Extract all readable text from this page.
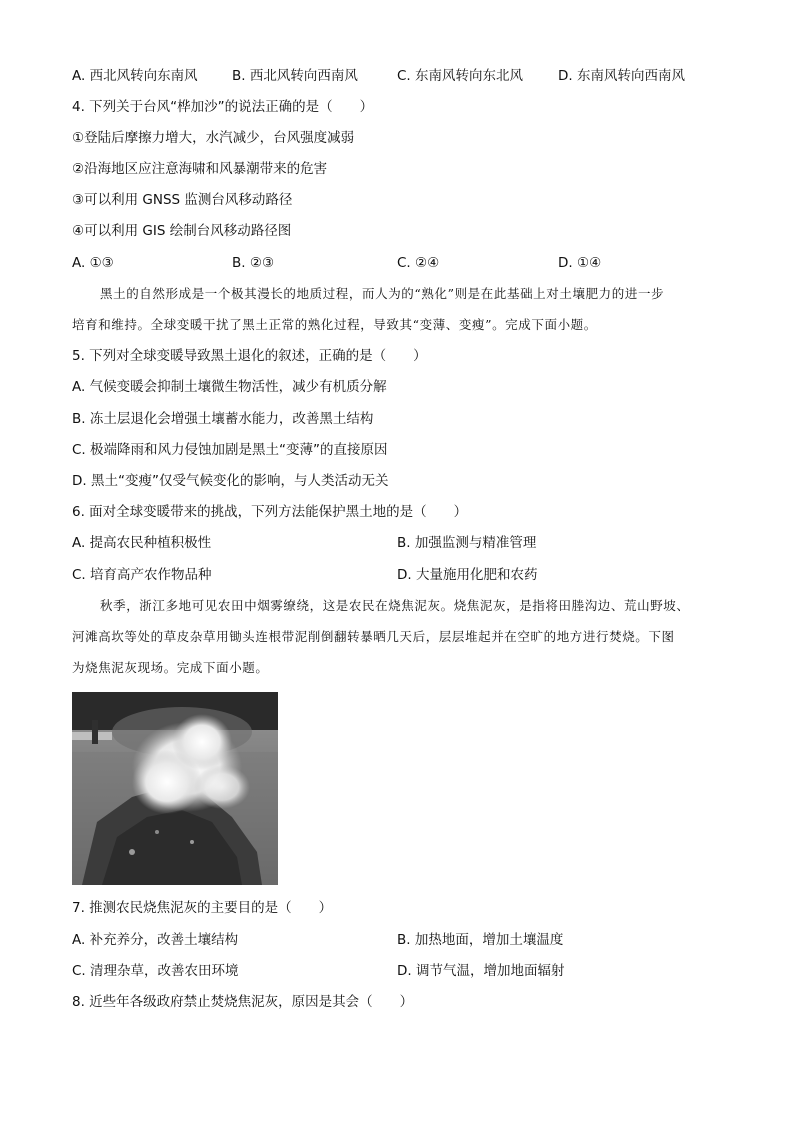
A. 西北风转向东南风	B. 西北风转向西南风	C. 东南风转向东北风	D. 东南风转向西南风
4. 下列关于台风“桦加沙”的说法正确的是（　　）
①登陆后摩擦力增大，水汽减少，台风强度减弱
②沿海地区应注意海啸和风暴潮带来的危害
③可以利用 GNSS 监测台风移动路径
④可以利用 GIS 绘制台风移动路径图
A. ①③	B. ②③	C. ②④	D. ①④
黑土的自然形成是一个极其漫长的地质过程，而人为的“熟化”则是在此基础上对土壤肥力的进一步
培育和维持。全球变暖干扰了黑土正常的熟化过程，导致其“变薄、变瘦”。完成下面小题。
5. 下列对全球变暖导致黑土退化的叙述，正确的是（　　）
A. 气候变暖会抑制土壤微生物活性，减少有机质分解
B. 冻土层退化会增强土壤蓄水能力，改善黑土结构
C. 极端降雨和风力侵蚀加剧是黑土“变薄”的直接原因
D. 黑土“变瘦”仅受气候变化的影响，与人类活动无关
6. 面对全球变暖带来的挑战，下列方法能保护黑土地的是（　　）
A. 提高农民种植积极性	B. 加强监测与精准管理
C. 培育高产农作物品种	D. 大量施用化肥和农药
秋季，浙江多地可见农田中烟雾缭绕，这是农民在烧焦泥灰。烧焦泥灰，是指将田塍沟边、荒山野坡、
河滩高坎等处的草皮杂草用锄头连根带泥削倒翻转暴晒几天后，层层堆起并在空旷的地方进行焚烧。下图
为烧焦泥灰现场。完成下面小题。
7. 推测农民烧焦泥灰的主要目的是（　　）
A. 补充养分，改善土壤结构	B. 加热地面，增加土壤温度
C. 清理杂草，改善农田环境	D. 调节气温，增加地面辐射
8. 近些年各级政府禁止焚烧焦泥灰，原因是其会（　　）
